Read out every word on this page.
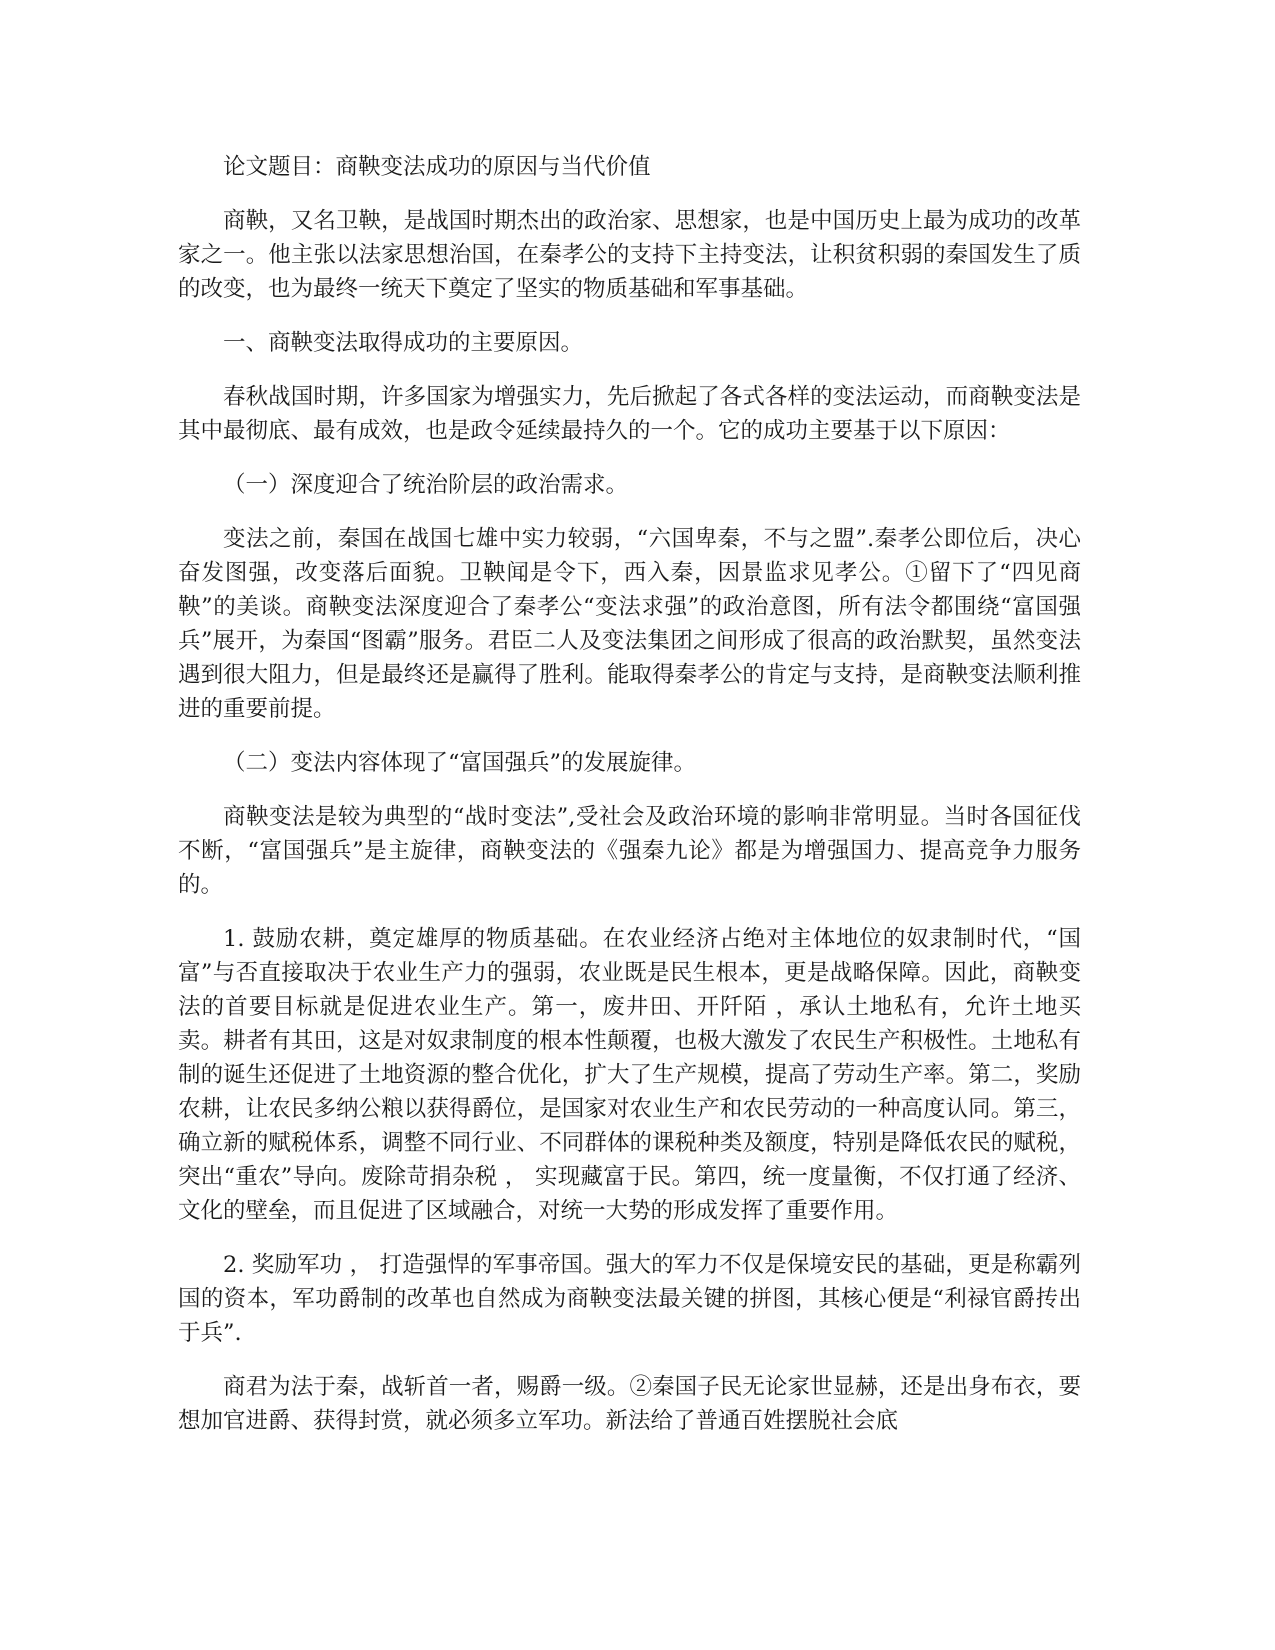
论文题目：商鞅变法成功的原因与当代价值

商鞅，又名卫鞅，是战国时期杰出的政治家、思想家，也是中国历史上最为成功的改革家之一。他主张以法家思想治国，在秦孝公的支持下主持变法，让积贫积弱的秦国发生了质的改变，也为最终一统天下奠定了坚实的物质基础和军事基础。

一、商鞅变法取得成功的主要原因。

春秋战国时期，许多国家为增强实力，先后掀起了各式各样的变法运动，而商鞅变法是其中最彻底、最有成效，也是政令延续最持久的一个。它的成功主要基于以下原因：

（一）深度迎合了统治阶层的政治需求。

变法之前，秦国在战国七雄中实力较弱，“六国卑秦，不与之盟”.秦孝公即位后，决心奋发图强，改变落后面貌。卫鞅闻是令下，西入秦，因景监求见孝公。①留下了“四见商鞅”的美谈。商鞅变法深度迎合了秦孝公“变法求强”的政治意图，所有法令都围绕“富国强兵”展开，为秦国“图霸”服务。君臣二人及变法集团之间形成了很高的政治默契，虽然变法遇到很大阻力，但是最终还是赢得了胜利。能取得秦孝公的肯定与支持，是商鞅变法顺利推进的重要前提。

（二）变法内容体现了“富国强兵”的发展旋律。

商鞅变法是较为典型的“战时变法”,受社会及政治环境的影响非常明显。当时各国征伐不断，“富国强兵”是主旋律，商鞅变法的《强秦九论》都是为增强国力、提高竞争力服务的。

1. 鼓励农耕，奠定雄厚的物质基础。在农业经济占绝对主体地位的奴隶制时代，“国富”与否直接取决于农业生产力的强弱，农业既是民生根本，更是战略保障。因此，商鞅变法的首要目标就是促进农业生产。第一，废井田、开阡陌 ，承认土地私有，允许土地买卖。耕者有其田，这是对奴隶制度的根本性颠覆，也极大激发了农民生产积极性。土地私有制的诞生还促进了土地资源的整合优化，扩大了生产规模，提高了劳动生产率。第二，奖励农耕，让农民多纳公粮以获得爵位，是国家对农业生产和农民劳动的一种高度认同。第三，确立新的赋税体系，调整不同行业、不同群体的课税种类及额度，特别是降低农民的赋税，突出“重农”导向。废除苛捐杂税 ， 实现藏富于民。第四，统一度量衡，不仅打通了经济、文化的壁垒，而且促进了区域融合，对统一大势的形成发挥了重要作用。

2. 奖励军功 ， 打造强悍的军事帝国。强大的军力不仅是保境安民的基础，更是称霸列国的资本，军功爵制的改革也自然成为商鞅变法最关键的拼图，其核心便是“利禄官爵抟出于兵”.

商君为法于秦，战斩首一者，赐爵一级。②秦国子民无论家世显赫，还是出身布衣，要想加官进爵、获得封赏，就必须多立军功。新法给了普通百姓摆脱社会底
